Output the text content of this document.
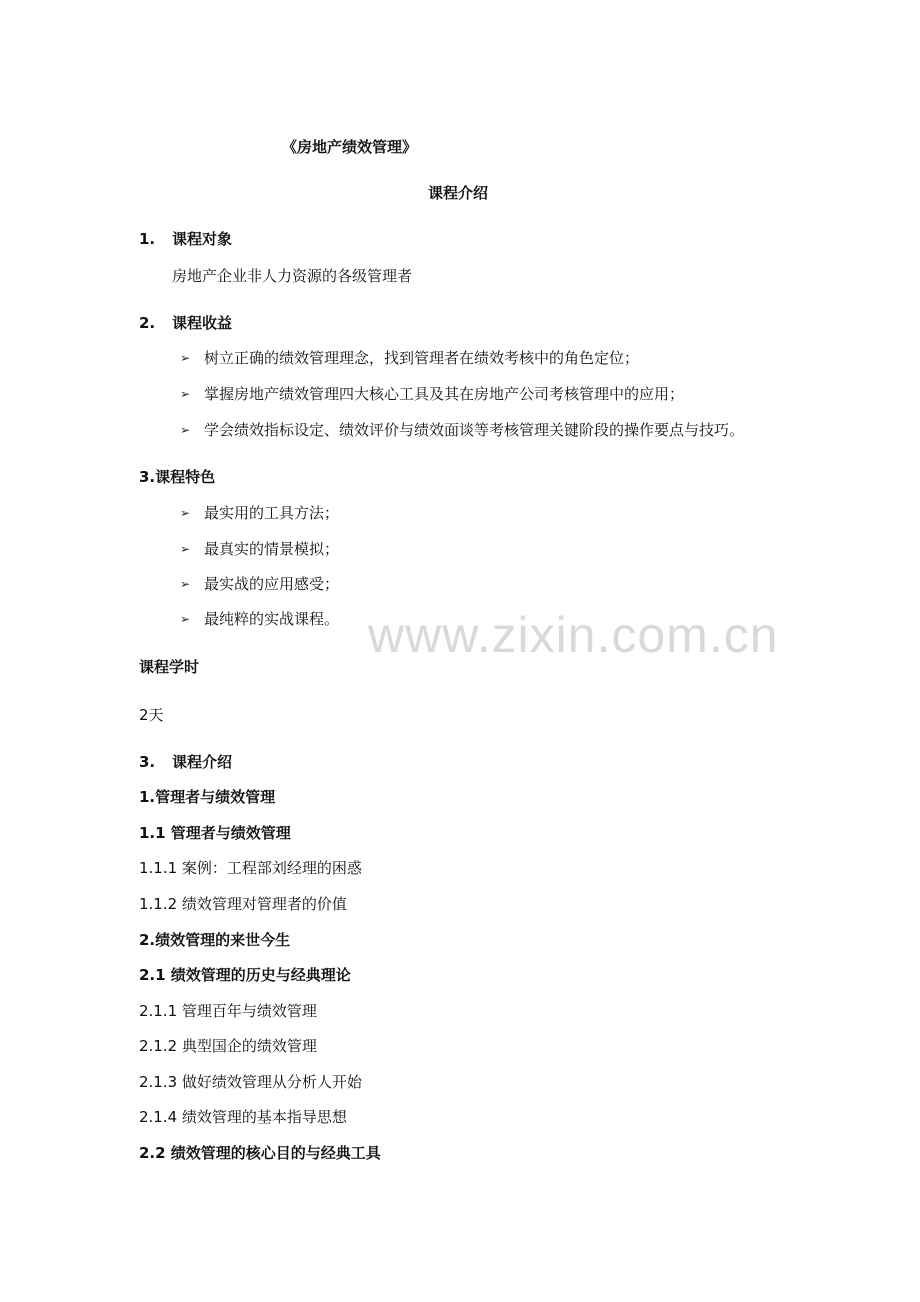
《房地产绩效管理》
课程介绍
1. 课程对象
房地产企业非人力资源的各级管理者
2. 课程收益
➢ 树立正确的绩效管理理念，找到管理者在绩效考核中的角色定位；
➢ 掌握房地产绩效管理四大核心工具及其在房地产公司考核管理中的应用；
➢ 学会绩效指标设定、绩效评价与绩效面谈等考核管理关键阶段的操作要点与技巧。
3.课程特色
➢ 最实用的工具方法；
➢ 最真实的情景模拟；
➢ 最实战的应用感受；
➢ 最纯粹的实战课程。
课程学时
2天
3. 课程介绍
1.管理者与绩效管理
1.1 管理者与绩效管理
1.1.1 案例：工程部刘经理的困惑
1.1.2 绩效管理对管理者的价值
2.绩效管理的来世今生
2.1 绩效管理的历史与经典理论
2.1.1 管理百年与绩效管理
2.1.2 典型国企的绩效管理
2.1.3 做好绩效管理从分析人开始
2.1.4 绩效管理的基本指导思想
2.2 绩效管理的核心目的与经典工具
www.zixin.com.cn
